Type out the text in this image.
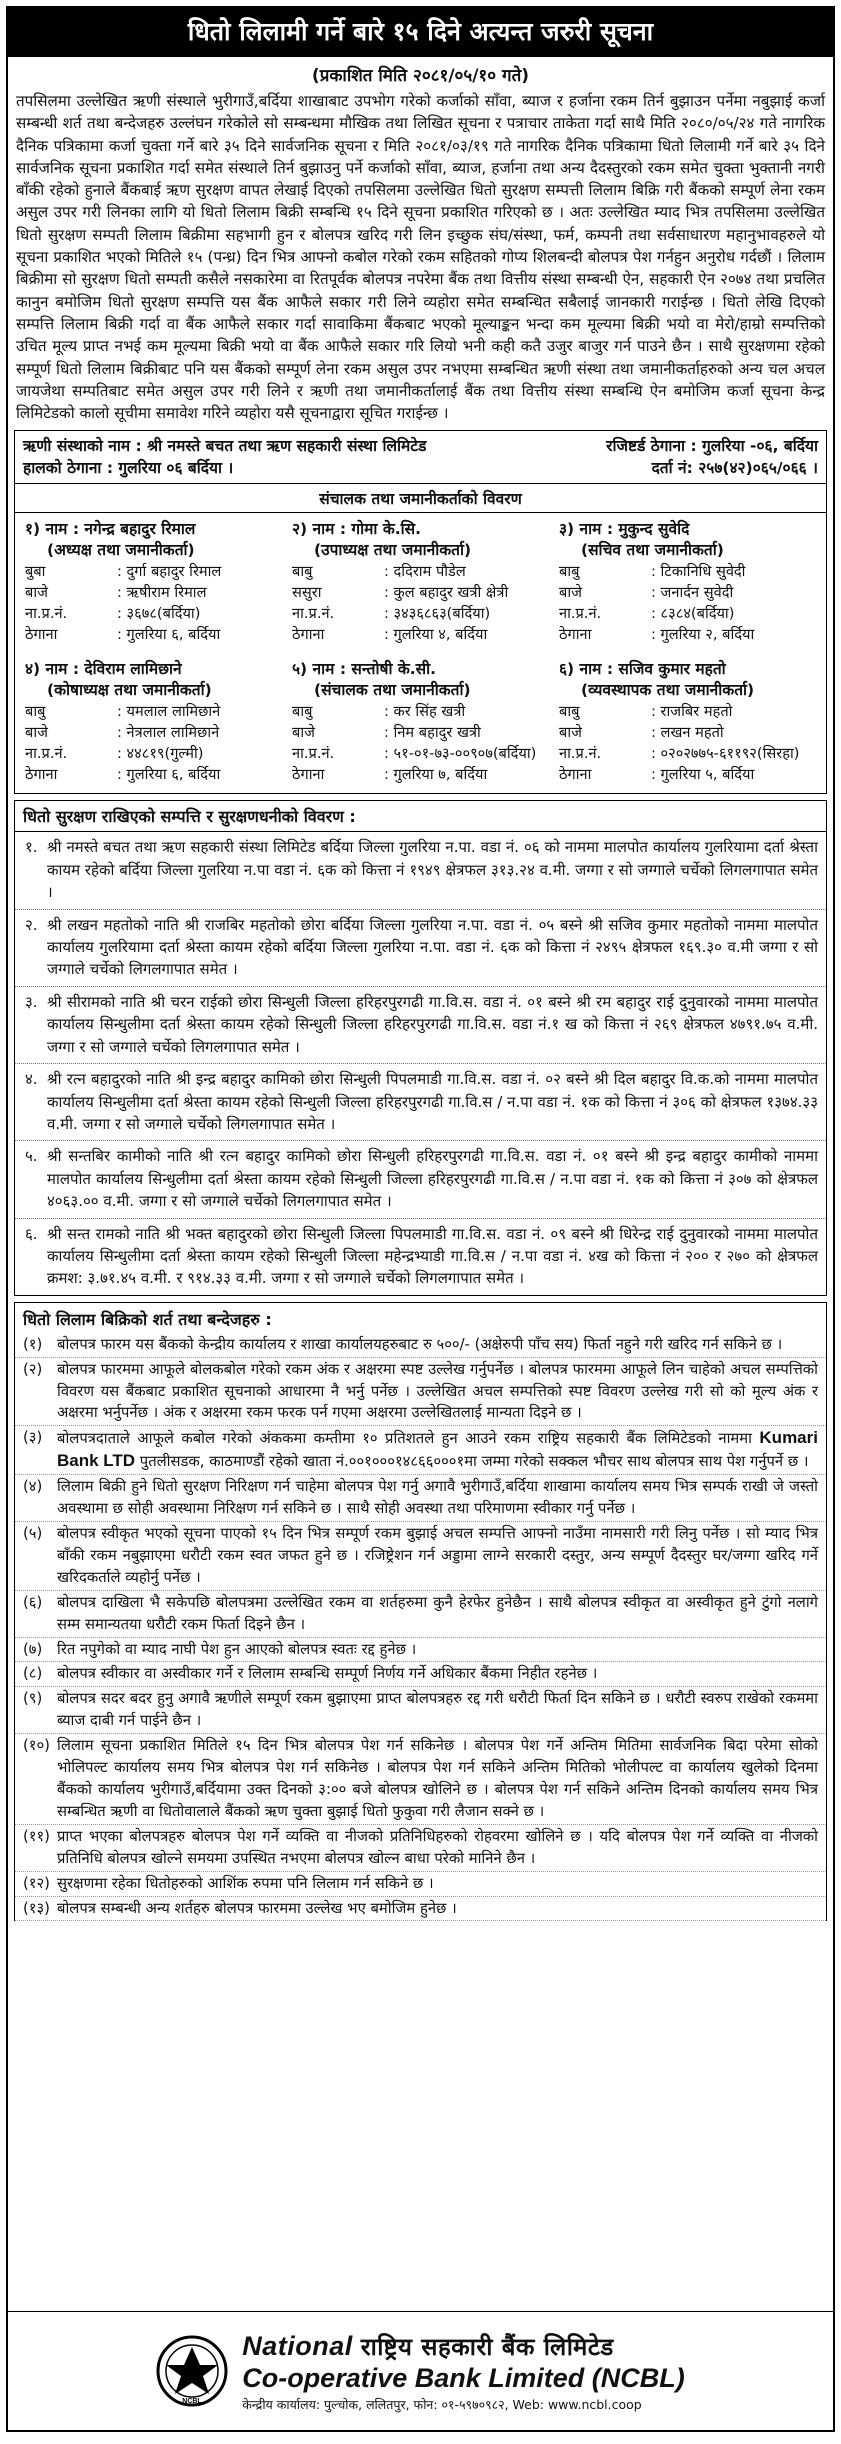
धितो लिलामी गर्ने बारे १५ दिने अत्यन्त जरुरी सूचना
(प्रकाशित मिति २०८१/०५/१० गते)

तपसिलमा उल्लेखित ऋणी संस्थाले भुरीगाउँ,बर्दिया शाखाबाट उपभोग गरेको कर्जाको साँवा, ब्याज र हर्जाना रकम तिर्न बुझाउन पर्नेमा नबुझाई कर्जा सम्बन्धी शर्त तथा बन्देजहरु उल्लंघन गरेकोले सो सम्बन्धमा मौखिक तथा लिखित सूचना र पत्राचार ताकेता गर्दा साथै मिति २०८०/०५/२४ गते नागरिक दैनिक पत्रिकामा कर्जा चुक्ता गर्ने बारे ३५ दिने सार्वजनिक सूचना र मिति २०८१/०३/१९ गते नागरिक दैनिक पत्रिकामा धितो लिलामी गर्ने बारे ३५ दिने सार्वजनिक सूचना प्रकाशित गर्दा समेत संस्थाले तिर्न बुझाउनु पर्ने कर्जाको साँवा, ब्याज, हर्जाना तथा अन्य दैदस्तुरको रकम समेत चुक्ता भुक्तानी नगरी बाँकी रहेको हुनाले बैंकबाई ऋण सुरक्षण वापत लेखाई दिएको तपसिलमा उल्लेखित धितो सुरक्षण सम्पत्ती लिलाम बिक्रि गरी बैंकको सम्पूर्ण लेना रकम असुल उपर गरी लिनका लागि यो धितो लिलाम बिक्री सम्बन्धि १५ दिने सूचना प्रकाशित गरिएको छ । अतः उल्लेखित म्याद भित्र तपसिलमा उल्लेखित धितो सुरक्षण सम्पती लिलाम बिक्रीमा सहभागी हुन र बोलपत्र खरिद गरी लिन इच्छुक संघ/संस्था, फर्म, कम्पनी तथा सर्वसाधारण महानुभावहरुले यो सूचना प्रकाशित भएको मितिले १५ (पन्ध्र) दिन भित्र आफ्नो कबोल गरेको रकम सहितको गोप्य शिलबन्दी बोलपत्र पेश गर्नहुन अनुरोध गर्दछौं । लिलाम बिक्रीमा सो सुरक्षण धितो सम्पती कसैले नसकारेमा वा रितपूर्वक बोलपत्र नपरेमा बैंक तथा वित्तीय संस्था सम्बन्धी ऐन, सहकारी ऐन २०७४ तथा प्रचलित कानुन बमोजिम धितो सुरक्षण सम्पत्ति यस बैंक आफैले सकार गरी लिने व्यहोरा समेत सम्बन्धित सबैलाई जानकारी गराईन्छ । धितो लेखि दिएको सम्पत्ति लिलाम बिक्री गर्दा वा बैंक आफैले सकार गर्दा सावाकिमा बैंकबाट भएको मूल्याङ्कन भन्दा कम मूल्यमा बिक्री भयो वा मेरो/हाम्रो सम्पत्तिको उचित मूल्य प्राप्त नभई कम मूल्यमा बिक्री भयो वा बैंक आफैले सकार गरि लियो भनी कही कतै उजुर बाजुर गर्न पाउने छैन । साथै सुरक्षणमा रहेको सम्पूर्ण धितो लिलाम बिक्रीबाट पनि यस बैंकको सम्पूर्ण लेना रकम असुल उपर नभएमा सम्बन्धित ऋणी संस्था तथा जमानीकर्ताहरुको अन्य चल अचल जायजेथा सम्पतिबाट समेत असुल उपर गरी लिने र ऋणी तथा जमानीकर्तालाई बैंक तथा वित्तीय संस्था सम्बन्धि ऐन बमोजिम कर्जा सूचना केन्द्र लिमिटेडको कालो सूचीमा समावेश गरिने व्यहोरा यसै सूचनाद्वारा सूचित गराईन्छ ।

ऋणी संस्थाको नाम : श्री नमस्ते बचत तथा ऋण सहकारी संस्था लिमिटेड	रजिष्टर्ड ठेगाना : गुलरिया -०६, बर्दिया
हालको ठेगाना : गुलरिया ०६ बर्दिया ।	दर्ता नं: २५७(४२)०६५/०६६ ।
संचालक तथा जमानीकर्ताको विवरण
१) नाम : नगेन्द्र बहादुर रिमाल
(अध्यक्ष तथा जमानीकर्ता)
बुबा	: दुर्गा बहादुर रिमाल
बाजे	: ऋषीराम रिमाल
ना.प्र.नं.	: ३६७८(बर्दिया)
ठेगाना	: गुलरिया ६, बर्दिया
२) नाम : गोमा के.सि.
(उपाध्यक्ष तथा जमानीकर्ता)
बाबु	: ददिराम पौडेल
ससुरा	: कुल बहादुर खत्री क्षेत्री
ना.प्र.नं.	: ३४३६८६३(बर्दिया)
ठेगाना	: गुलरिया ४, बर्दिया
३) नाम : मुकुन्द सुवेदि
(सचिव तथा जमानीकर्ता)
बाबु	: टिकानिधि सुवेदी
बाजे	: जनार्दन सुवेदी
ना.प्र.नं.	: ८३८४(बर्दिया)
ठेगाना	: गुलरिया २, बर्दिया
४) नाम : देविराम लामिछाने
(कोषाध्यक्ष तथा जमानीकर्ता)
बाबु	: यमलाल लामिछाने
बाजे	: नेत्रलाल लामिछाने
ना.प्र.नं.	: ४४८१९(गुल्मी)
ठेगाना	: गुलरिया ६, बर्दिया
५) नाम : सन्तोषी के.सी.
(संचालक तथा जमानीकर्ता)
बाबु	: कर सिंह खत्री
बाजे	: निम बहादुर खत्री
ना.प्र.नं.	: ५१-०१-७३-००९०७(बर्दिया)
ठेगाना	: गुलरिया ७, बर्दिया
६) नाम : सजिव कुमार महतो
(व्यवस्थापक तथा जमानीकर्ता)
बाबु	: राजबिर महतो
बाजे	: लखन महतो
ना.प्र.नं.	: ०२०२७७५-६११९२(सिरहा)
ठेगाना	: गुलरिया ५, बर्दिया
धितो सुरक्षण राखिएको सम्पत्ति र सुरक्षणधनीको विवरण :
१. श्री नमस्ते बचत तथा ऋण सहकारी संस्था लिमिटेड बर्दिया जिल्ला गुलरिया न.पा. वडा नं. ०६ को नाममा मालपोत कार्यालय गुलरियामा दर्ता श्रेस्ता कायम रहेको बर्दिया जिल्ला गुलरिया न.पा वडा नं. ६क को कित्ता नं १९४९ क्षेत्रफल ३१३.२४ व.मी. जग्गा र सो जग्गाले चर्चेको लिगलगापात समेत ।
२. श्री लखन महतोको नाति श्री राजबिर महतोको छोरा बर्दिया जिल्ला गुलरिया न.पा. वडा नं. ०५ बस्ने श्री सजिव कुमार महतोको नाममा मालपोत कार्यालय गुलरियामा दर्ता श्रेस्ता कायम रहेको बर्दिया जिल्ला गुलरिया न.पा. वडा नं. ६क को कित्ता नं २४९५ क्षेत्रफल १६९.३० व.मी जग्गा र सो जग्गाले चर्चेको लिगलगापात समेत ।
३. श्री सीरामको नाति श्री चरन राईको छोरा सिन्धुली जिल्ला हरिहरपुरगढी गा.वि.स. वडा नं. ०१ बस्ने श्री रम बहादुर राई दुनुवारको नाममा मालपोत कार्यालय सिन्धुलीमा दर्ता श्रेस्ता कायम रहेको सिन्धुली जिल्ला हरिहरपुरगढी गा.वि.स. वडा नं.१ ख को कित्ता नं २६९ क्षेत्रफल ४७९१.७५ व.मी. जग्गा र सो जग्गाले चर्चेको लिगलगापात समेत ।
४. श्री रत्न बहादुरको नाति श्री इन्द्र बहादुर कामिको छोरा सिन्धुली पिपलमाडी गा.वि.स. वडा नं. ०२ बस्ने श्री दिल बहादुर वि.क.को नाममा मालपोत कार्यालय सिन्धुलीमा दर्ता श्रेस्ता कायम रहेको सिन्धुली जिल्ला हरिहरपुरगढी गा.वि.स / न.पा वडा नं. १क को कित्ता नं ३०६ को क्षेत्रफल १३७४.३३ व.मी. जग्गा र सो जग्गाले चर्चेको लिगलगापात समेत ।
५. श्री सन्तबिर कामीको नाति श्री रत्न बहादुर कामिको छोरा सिन्धुली हरिहरपुरगढी गा.वि.स. वडा नं. ०१ बस्ने श्री इन्द्र बहादुर कामीको नाममा मालपोत कार्यालय सिन्धुलीमा दर्ता श्रेस्ता कायम रहेको सिन्धुली जिल्ला हरिहरपुरगढी गा.वि.स / न.पा वडा नं. १क को कित्ता नं ३०७ को क्षेत्रफल ४०६३.०० व.मी. जग्गा र सो जग्गाले चर्चेको लिगलगापात समेत ।
६. श्री सन्त रामको नाति श्री भक्त बहादुरको छोरा सिन्धुली जिल्ला पिपलमाडी गा.वि.स. वडा नं. ०९ बस्ने श्री धिरेन्द्र राई दुनुवारको नाममा मालपोत कार्यालय सिन्धुलीमा दर्ता श्रेस्ता कायम रहेको सिन्धुली जिल्ला महेन्द्रभ्याडी गा.वि.स / न.पा वडा नं. ४ख को कित्ता नं २०० र २७० को क्षेत्रफल क्रमश: ३.७१.४५ व.मी. र ९१४.३३ व.मी. जग्गा र सो जग्गाले चर्चेको लिगलगापात समेत ।
धितो लिलाम बिक्रिको शर्त तथा बन्देजहरु :
(१) बोलपत्र फारम यस बैंकको केन्द्रीय कार्यालय र शाखा कार्यालयहरुबाट रु ५००/- (अक्षेरुपी पाँच सय) फिर्ता नहुने गरी खरिद गर्न सकिने छ ।
(२) बोलपत्र फारममा आफूले बोलकबोल गरेको रकम अंक र अक्षरमा स्पष्ट उल्लेख गर्नुपर्नेछ । बोलपत्र फारममा आफूले लिन चाहेको अचल सम्पत्तिको विवरण यस बैंकबाट प्रकाशित सूचनाको आधारमा नै भर्नु पर्नेछ । उल्लेखित अचल सम्पत्तिको स्पष्ट विवरण उल्लेख गरी सो को मूल्य अंक र अक्षरमा भर्नुपर्नेछ । अंक र अक्षरमा रकम फरक पर्न गएमा अक्षरमा उल्लेखितलाई मान्यता दिइने छ ।
(३) बोलपत्रदाताले आफूले कबोल गरेको अंककमा कम्तीमा १० प्रतिशतले हुन आउने रकम राष्ट्रिय सहकारी बैंक लिमिटेडको नाममा Kumari Bank LTD पुतलीसडक, काठमाण्डौं रहेको खाता नं.००१०००१४८६६०००१मा जम्मा गरेको सक्कल भौचर साथ बोलपत्र साथ पेश गर्नुपर्ने छ ।
(४) लिलाम बिक्री हुने धितो सुरक्षण निरिक्षण गर्न चाहेमा बोलपत्र पेश गर्नु अगावै भुरीगाउँ,बर्दिया शाखामा कार्यालय समय भित्र सम्पर्क राखी जे जस्तो अवस्थामा छ सोही अवस्थामा निरिक्षण गर्न सकिने छ । साथै सोही अवस्था तथा परिमाणमा स्वीकार गर्नु पर्नेछ ।
(५) बोलपत्र स्वीकृत भएको सूचना पाएको १५ दिन भित्र सम्पूर्ण रकम बुझाई अचल सम्पत्ति आफ्नो नाउँमा नामसारी गरी लिनु पर्नेछ । सो म्याद भित्र बाँकी रकम नबुझाएमा धरौटी रकम स्वत जफत हुने छ । रजिष्ट्रेशन गर्न अड्डामा लाग्ने सरकारी दस्तुर, अन्य सम्पूर्ण दैदस्तुर घर/जग्गा खरिद गर्ने खरिदकर्ताले व्यहोर्नु पर्नेछ ।
(६) बोलपत्र दाखिला भै सकेपछि बोलपत्रमा उल्लेखित रकम वा शर्तहरुमा कुनै हेरफेर हुनेछैन । साथै बोलपत्र स्वीकृत वा अस्वीकृत हुने टुंगो नलागे सम्म समान्यतया धरौटी रकम फिर्ता दिइने छैन ।
(७) रित नपुगेको वा म्याद नाघी पेश हुन आएको बोलपत्र स्वतः रद्द हुनेछ ।
(८) बोलपत्र स्वीकार वा अस्वीकार गर्ने र लिलाम सम्बन्धि सम्पूर्ण निर्णय गर्ने अधिकार बैंकमा निहीत रहनेछ ।
(९) बोलपत्र सदर बदर हुनु अगावै ऋणीले सम्पूर्ण रकम बुझाएमा प्राप्त बोलपत्रहरु रद्द गरी धरौटी फिर्ता दिन सकिने छ । धरौटी स्वरुप राखेको रकममा ब्याज दाबी गर्न पाईने छैन ।
(१०) लिलाम सूचना प्रकाशित मितिले १५ दिन भित्र बोलपत्र पेश गर्न सकिनेछ । बोलपत्र पेश गर्ने अन्तिम मितिमा सार्वजनिक बिदा परेमा सोको भोलिपल्ट कार्यालय समय भित्र बोलपत्र पेश गर्न सकिनेछ । बोलपत्र पेश गर्न सकिने अन्तिम मितिको भोलीपल्ट वा कार्यालय खुलेको दिनमा बैंकको कार्यालय भुरीगाउँ,बर्दियामा उक्त दिनको ३:०० बजे बोलपत्र खोलिने छ । बोलपत्र पेश गर्न सकिने अन्तिम दिनको कार्यालय समय भित्र सम्बन्धित ऋणी वा धितोवालाले बैंकको ऋण चुक्ता बुझाई धितो फुकुवा गरी लैजान सक्ने छ ।
(११) प्राप्त भएका बोलपत्रहरु बोलपत्र पेश गर्ने व्यक्ति वा नीजको प्रतिनिधिहरुको रोहवरमा खोलिने छ । यदि बोलपत्र पेश गर्ने व्यक्ति वा नीजको प्रतिनिधि बोलपत्र खोल्ने समयमा उपस्थित नभएमा बोलपत्र खोल्न बाधा परेको मानिने छैन ।
(१२) सुरक्षणमा रहेका धितोहरुको आशिंक रुपमा पनि लिलाम गर्न सकिने छ ।
(१३) बोलपत्र सम्बन्धी अन्य शर्तहरु बोलपत्र फारममा उल्लेख भए बमोजिम हुनेछ ।
NCBL
National राष्ट्रिय सहकारी बैंक लिमिटेड
Co-operative Bank Limited (NCBL)
केन्द्रीय कार्यालय: पुल्चोक, ललितपुर, फोन: ०१-५९७०९८२, Web: www.ncbl.coop
